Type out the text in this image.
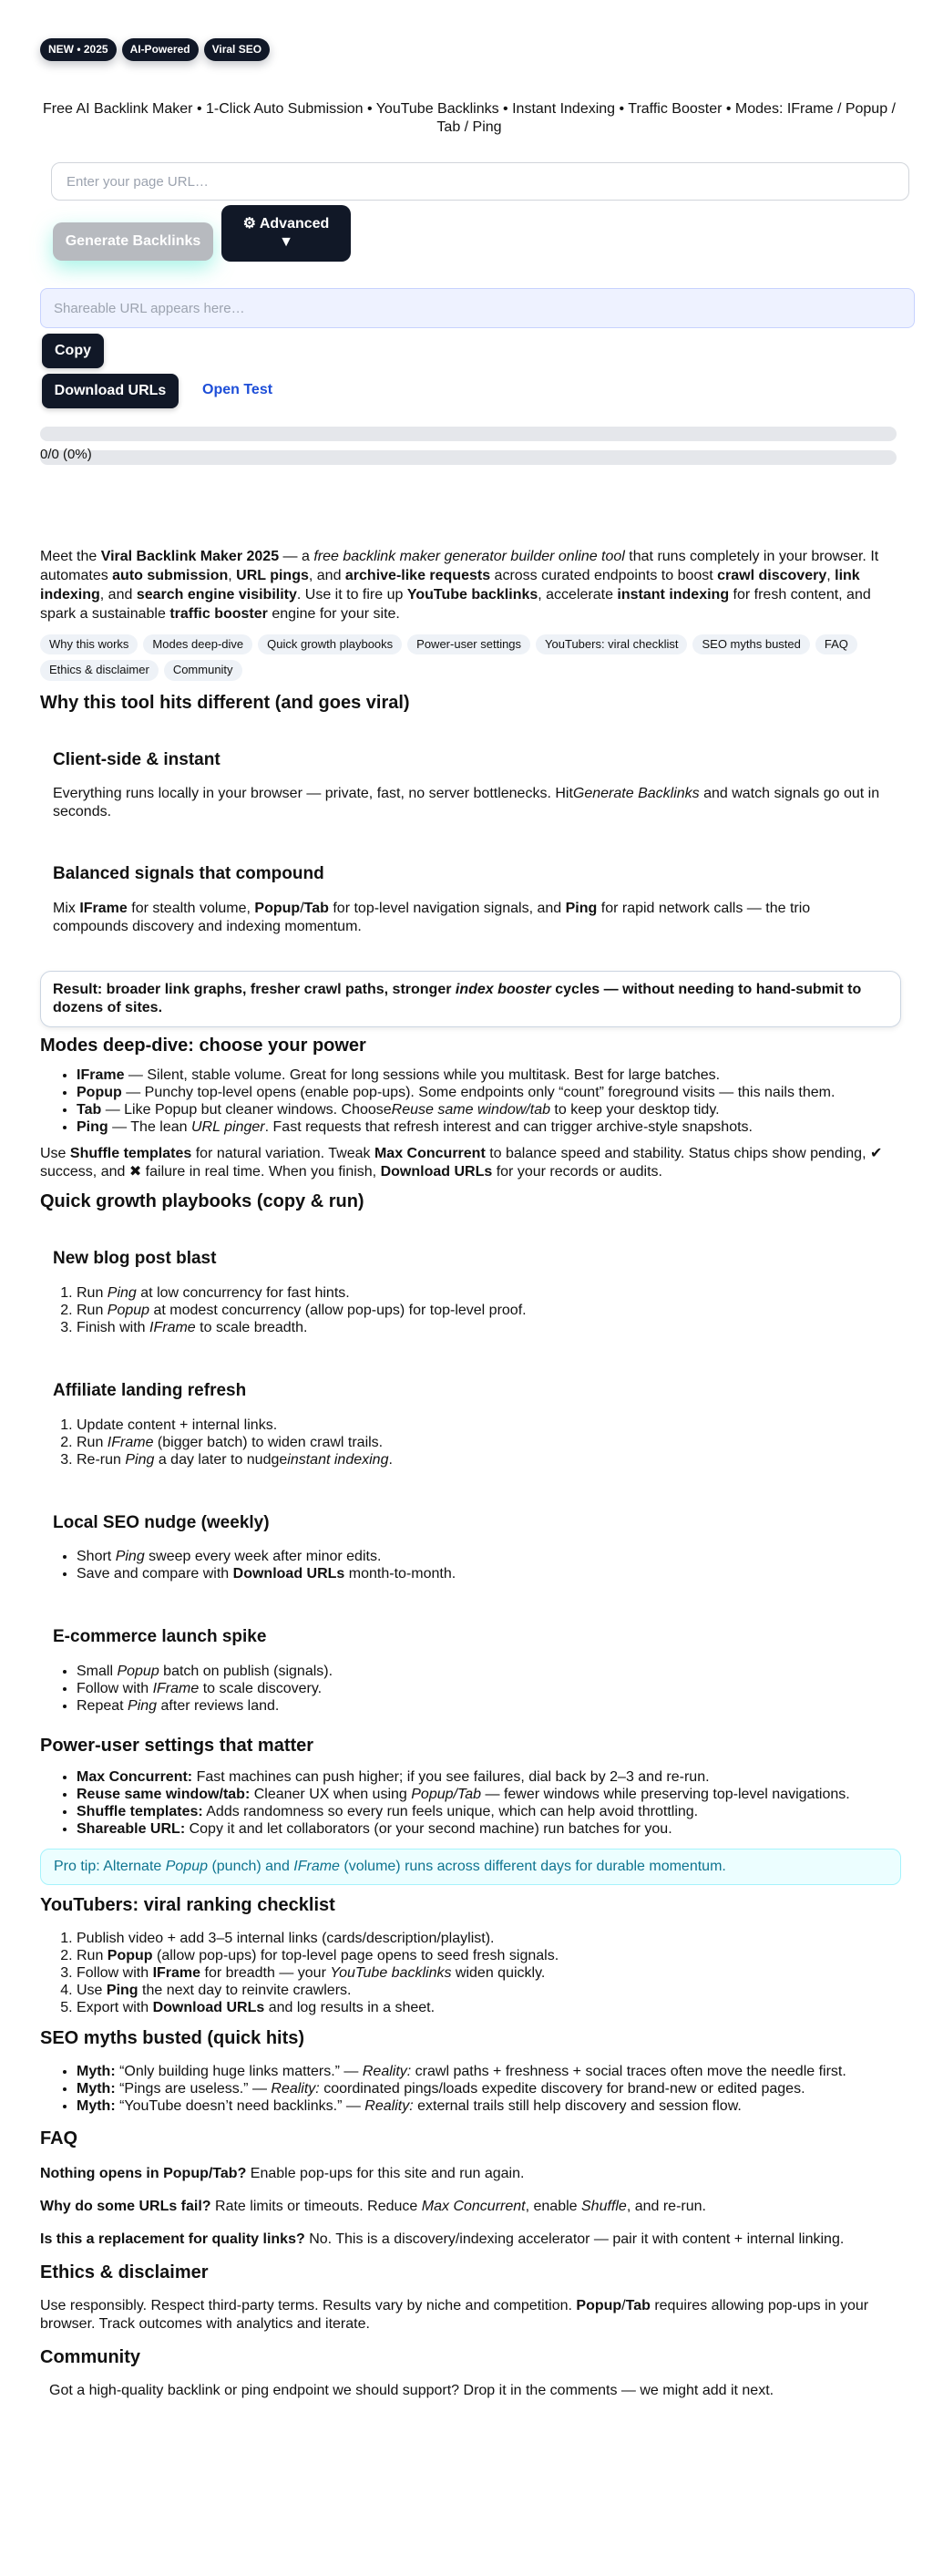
NEW • 2025	AI-Powered	Viral SEO
Free AI Backlink Maker • 1-Click Auto Submission • YouTube Backlinks • Instant Indexing • Traffic Booster • Modes: IFrame / Popup / Tab / Ping
Enter your page URL…
Generate Backlinks
⚙ Advanced
▼
Shareable URL appears here…
Copy
Download URLs	Open Test
0/0 (0%)

Meet the Viral Backlink Maker 2025 — a free backlink maker generator builder online tool that runs completely in your browser. It automates auto submission, URL pings, and archive-like requests across curated endpoints to boost crawl discovery, link indexing, and search engine visibility. Use it to fire up YouTube backlinks, accelerate instant indexing for fresh content, and spark a sustainable traffic booster engine for your site.

Why this works	Modes deep-dive	Quick growth playbooks	Power-user settings	YouTubers: viral checklist	SEO myths busted	FAQ
Ethics & disclaimer	Community
Why this tool hits different (and goes viral)
Client-side & instant

Everything runs locally in your browser — private, fast, no server bottlenecks. HitGenerate Backlinks and watch signals go out in seconds.

Balanced signals that compound

Mix IFrame for stealth volume, Popup/Tab for top-level navigation signals, and Ping for rapid network calls — the trio compounds discovery and indexing momentum.

Result: broader link graphs, fresher crawl paths, stronger index booster cycles — without needing to hand-submit to dozens of sites.
Modes deep-dive: choose your power
• IFrame — Silent, stable volume. Great for long sessions while you multitask. Best for large batches.
• Popup — Punchy top-level opens (enable pop-ups). Some endpoints only “count” foreground visits — this nails them.
• Tab — Like Popup but cleaner windows. ChooseReuse same window/tab to keep your desktop tidy.
• Ping — The lean URL pinger. Fast requests that refresh interest and can trigger archive-style snapshots.

Use Shuffle templates for natural variation. Tweak Max Concurrent to balance speed and stability. Status chips show pending, ✔ success, and ✖ failure in real time. When you finish, Download URLs for your records or audits.

Quick growth playbooks (copy & run)
New blog post blast
1. Run Ping at low concurrency for fast hints.
2. Run Popup at modest concurrency (allow pop-ups) for top-level proof.
3. Finish with IFrame to scale breadth.
Affiliate landing refresh
1. Update content + internal links.
2. Run IFrame (bigger batch) to widen crawl trails.
3. Re-run Ping a day later to nudgeinstant indexing.
Local SEO nudge (weekly)
• Short Ping sweep every week after minor edits.
• Save and compare with Download URLs month-to-month.
E-commerce launch spike
• Small Popup batch on publish (signals).
• Follow with IFrame to scale discovery.
• Repeat Ping after reviews land.
Power-user settings that matter
• Max Concurrent: Fast machines can push higher; if you see failures, dial back by 2–3 and re-run.
• Reuse same window/tab: Cleaner UX when using Popup/Tab — fewer windows while preserving top-level navigations.
• Shuffle templates: Adds randomness so every run feels unique, which can help avoid throttling.
• Shareable URL: Copy it and let collaborators (or your second machine) run batches for you.
Pro tip: Alternate Popup (punch) and IFrame (volume) runs across different days for durable momentum.
YouTubers: viral ranking checklist
1. Publish video + add 3–5 internal links (cards/description/playlist).
2. Run Popup (allow pop-ups) for top-level page opens to seed fresh signals.
3. Follow with IFrame for breadth — your YouTube backlinks widen quickly.
4. Use Ping the next day to reinvite crawlers.
5. Export with Download URLs and log results in a sheet.
SEO myths busted (quick hits)
• Myth: “Only building huge links matters.” — Reality: crawl paths + freshness + social traces often move the needle first.
• Myth: “Pings are useless.” — Reality: coordinated pings/loads expedite discovery for brand-new or edited pages.
• Myth: “YouTube doesn’t need backlinks.” — Reality: external trails still help discovery and session flow.
FAQ

Nothing opens in Popup/Tab? Enable pop-ups for this site and run again.

Why do some URLs fail? Rate limits or timeouts. Reduce Max Concurrent, enable Shuffle, and re-run.

Is this a replacement for quality links? No. This is a discovery/indexing accelerator — pair it with content + internal linking.

Ethics & disclaimer

Use responsibly. Respect third-party terms. Results vary by niche and competition. Popup/Tab requires allowing pop-ups in your browser. Track outcomes with analytics and iterate.

Community

Got a high-quality backlink or ping endpoint we should support? Drop it in the comments — we might add it next.
